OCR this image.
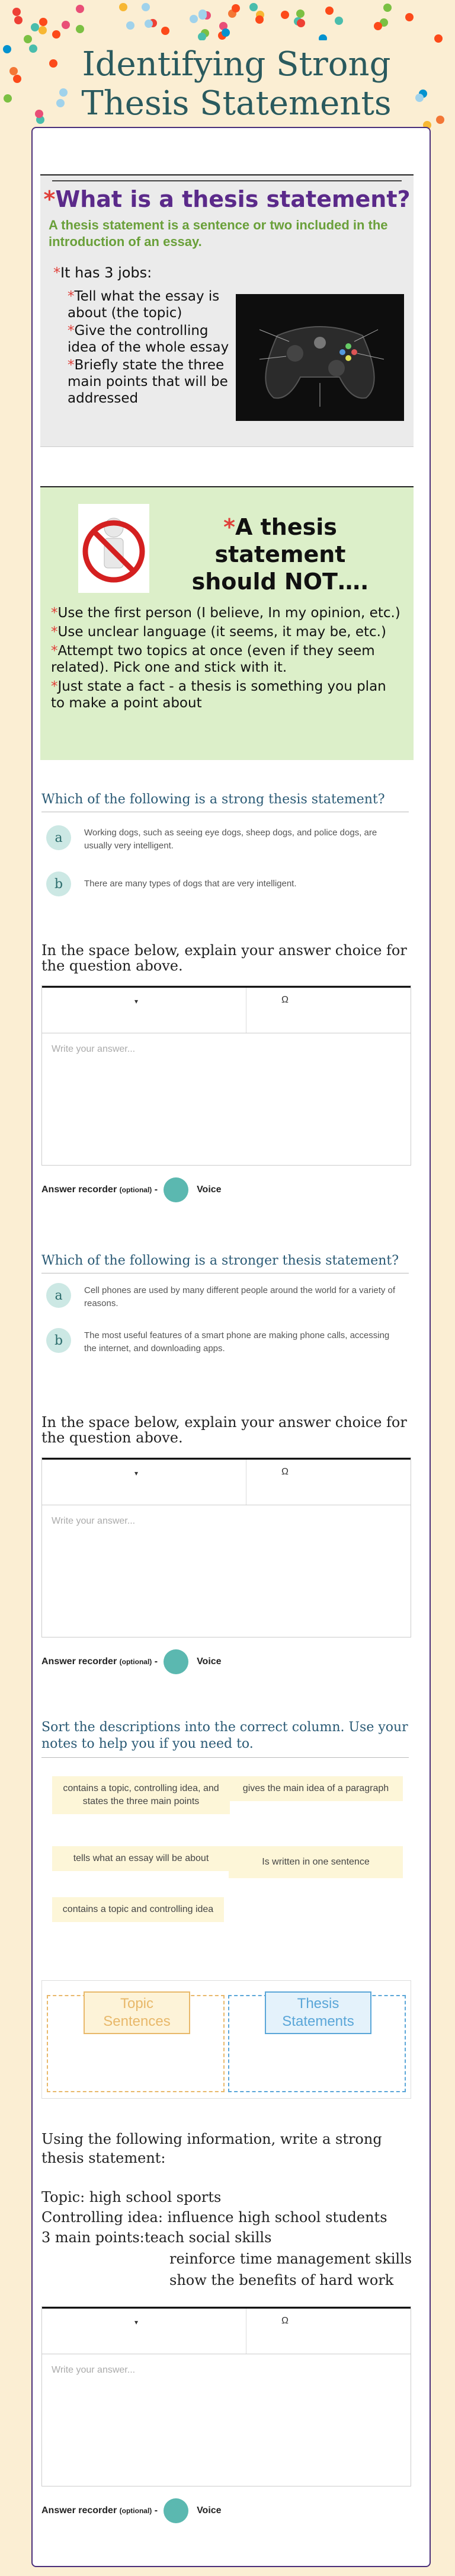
Identifying Strong
Thesis Statements
*What is a thesis statement?
A thesis statement is a sentence or two included in the introduction of an essay.
*It has 3 jobs:
*Tell what the essay is about (the topic)
*Give the controlling idea of the whole essay
*Briefly state the three main points that will be addressed
*A thesis statement
should NOT….
*Use the first person (I believe, In my opinion, etc.)
*Use unclear language (it seems, it may be, etc.)
*Attempt two topics at once (even if they seem related). Pick one and stick with it.
*Just state a fact - a thesis is something you plan to make a point about
Which of the following is a strong thesis statement?
a	Working dogs, such as seeing eye dogs, sheep dogs, and police dogs, are usually very intelligent.
b	There are many types of dogs that are very intelligent.
In the space below, explain your answer choice for the question above.
▾	Ω
Write your answer...
Answer recorder
(optional)
-	Voice
Which of the following is a stronger thesis statement?
a	Cell phones are used by many different people around the world for a variety of reasons.
b	The most useful features of a smart phone are making phone calls, accessing the internet, and downloading apps.
In the space below, explain your answer choice for the question above.
▾	Ω
Write your answer...
Answer recorder
(optional)
-	Voice
Sort the descriptions into the correct column. Use your notes to help you if you need to.
contains a topic, controlling idea, and states the three main points
gives the main idea of a paragraph
tells what an essay will be about	Is written in one sentence
contains a topic and controlling idea
Topic Sentences
Thesis Statements
Using the following information, write a strong thesis statement:
Topic: high school sports
Controlling idea: influence high school students
3 main points: teach social skills
reinforce time management skills
show the benefits of hard work
▾	Ω
Write your answer...
Answer recorder
(optional)
-	Voice
